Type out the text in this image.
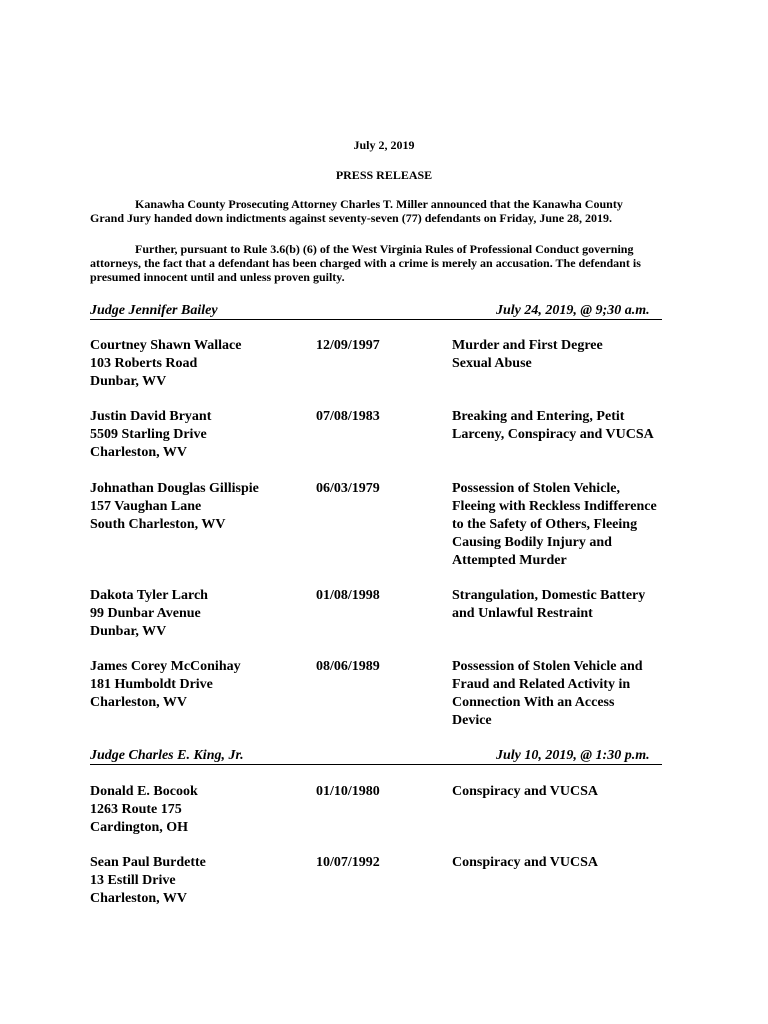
July 2, 2019
PRESS RELEASE
Kanawha County Prosecuting Attorney Charles T. Miller announced that the Kanawha County
Grand Jury handed down indictments against seventy-seven (77) defendants on Friday, June 28, 2019.
Further, pursuant to Rule 3.6(b) (6) of the West Virginia Rules of Professional Conduct governing
attorneys, the fact that a defendant has been charged with a crime is merely an accusation. The defendant is
presumed innocent until and unless proven guilty.
Judge Jennifer Bailey	July 24, 2019, @ 9;30 a.m.
Courtney Shawn Wallace
103 Roberts Road
Dunbar, WV
12/09/1997	Murder and First Degree
Sexual Abuse
Justin David Bryant
5509 Starling Drive
Charleston, WV
07/08/1983	Breaking and Entering, Petit
Larceny, Conspiracy and VUCSA
Johnathan Douglas Gillispie
157 Vaughan Lane
South Charleston, WV
06/03/1979	Possession of Stolen Vehicle,
Fleeing with Reckless Indifference
to the Safety of Others, Fleeing
Causing Bodily Injury and
Attempted Murder
Dakota Tyler Larch
99 Dunbar Avenue
Dunbar, WV
01/08/1998	Strangulation, Domestic Battery
and Unlawful Restraint
James Corey McConihay
181 Humboldt Drive
Charleston, WV
08/06/1989	Possession of Stolen Vehicle and
Fraud and Related Activity in
Connection With an Access
Device
Judge Charles E. King, Jr.	July 10, 2019, @ 1:30 p.m.
Donald E. Bocook
1263 Route 175
Cardington, OH
01/10/1980	Conspiracy and VUCSA
Sean Paul Burdette
13 Estill Drive
Charleston, WV
10/07/1992	Conspiracy and VUCSA
